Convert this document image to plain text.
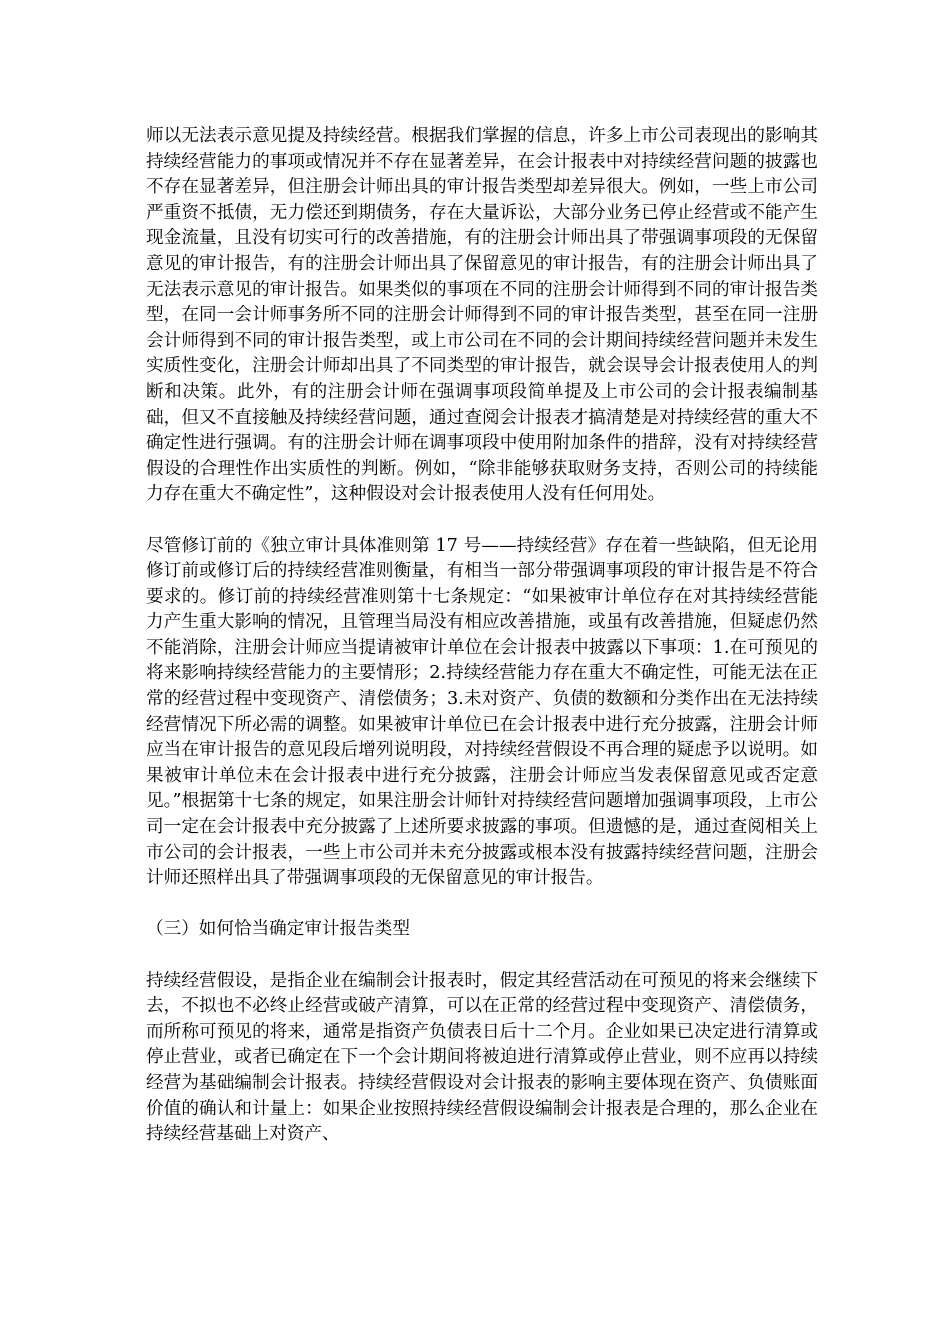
师以无法表示意见提及持续经营。根据我们掌握的信息，许多上市公司表现出的影响其持续经营能力的事项或情况并不存在显著差异，在会计报表中对持续经营问题的披露也不存在显著差异，但注册会计师出具的审计报告类型却差异很大。例如，一些上市公司严重资不抵债，无力偿还到期债务，存在大量诉讼，大部分业务已停止经营或不能产生现金流量，且没有切实可行的改善措施，有的注册会计师出具了带强调事项段的无保留意见的审计报告，有的注册会计师出具了保留意见的审计报告，有的注册会计师出具了无法表示意见的审计报告。如果类似的事项在不同的注册会计师得到不同的审计报告类型，在同一会计师事务所不同的注册会计师得到不同的审计报告类型，甚至在同一注册会计师得到不同的审计报告类型，或上市公司在不同的会计期间持续经营问题并未发生实质性变化，注册会计师却出具了不同类型的审计报告，就会误导会计报表使用人的判断和决策。此外，有的注册会计师在强调事项段简单提及上市公司的会计报表编制基础，但又不直接触及持续经营问题，通过查阅会计报表才搞清楚是对持续经营的重大不确定性进行强调。有的注册会计师在调事项段中使用附加条件的措辞，没有对持续经营假设的合理性作出实质性的判断。例如，“除非能够获取财务支持，否则公司的持续能力存在重大不确定性”，这种假设对会计报表使用人没有任何用处。

尽管修订前的《独立审计具体准则第 17 号——持续经营》存在着一些缺陷，但无论用修订前或修订后的持续经营准则衡量，有相当一部分带强调事项段的审计报告是不符合要求的。修订前的持续经营准则第十七条规定：“如果被审计单位存在对其持续经营能力产生重大影响的情况，且管理当局没有相应改善措施，或虽有改善措施，但疑虑仍然不能消除，注册会计师应当提请被审计单位在会计报表中披露以下事项：1.在可预见的将来影响持续经营能力的主要情形；2.持续经营能力存在重大不确定性，可能无法在正常的经营过程中变现资产、清偿债务；3.未对资产、负债的数额和分类作出在无法持续经营情况下所必需的调整。如果被审计单位已在会计报表中进行充分披露，注册会计师应当在审计报告的意见段后增列说明段，对持续经营假设不再合理的疑虑予以说明。如果被审计单位未在会计报表中进行充分披露，注册会计师应当发表保留意见或否定意见。”根据第十七条的规定，如果注册会计师针对持续经营问题增加强调事项段，上市公司一定在会计报表中充分披露了上述所要求披露的事项。但遗憾的是，通过查阅相关上市公司的会计报表，一些上市公司并未充分披露或根本没有披露持续经营问题，注册会计师还照样出具了带强调事项段的无保留意见的审计报告。

（三）如何恰当确定审计报告类型

持续经营假设，是指企业在编制会计报表时，假定其经营活动在可预见的将来会继续下去，不拟也不必终止经营或破产清算，可以在正常的经营过程中变现资产、清偿债务，而所称可预见的将来，通常是指资产负债表日后十二个月。企业如果已决定进行清算或停止营业，或者已确定在下一个会计期间将被迫进行清算或停止营业，则不应再以持续经营为基础编制会计报表。持续经营假设对会计报表的影响主要体现在资产、负债账面价值的确认和计量上：如果企业按照持续经营假设编制会计报表是合理的，那么企业在持续经营基础上对资产、
